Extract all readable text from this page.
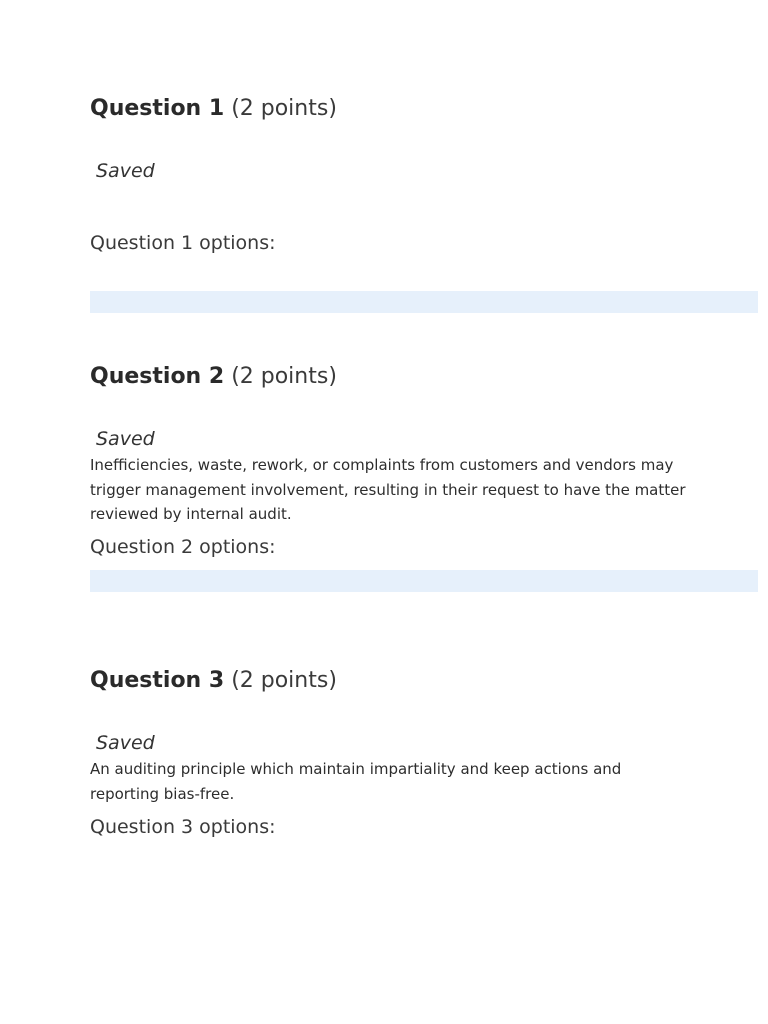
Question 1 (2 points)
Saved
Question 1 options:
Question 2 (2 points)
Saved

Inefficiencies, waste, rework, or complaints from customers and vendors may trigger management involvement, resulting in their request to have the matter reviewed by internal audit.

Question 2 options:
Question 3 (2 points)
Saved

An auditing principle which maintain impartiality and keep actions and reporting bias-free.

Question 3 options:
